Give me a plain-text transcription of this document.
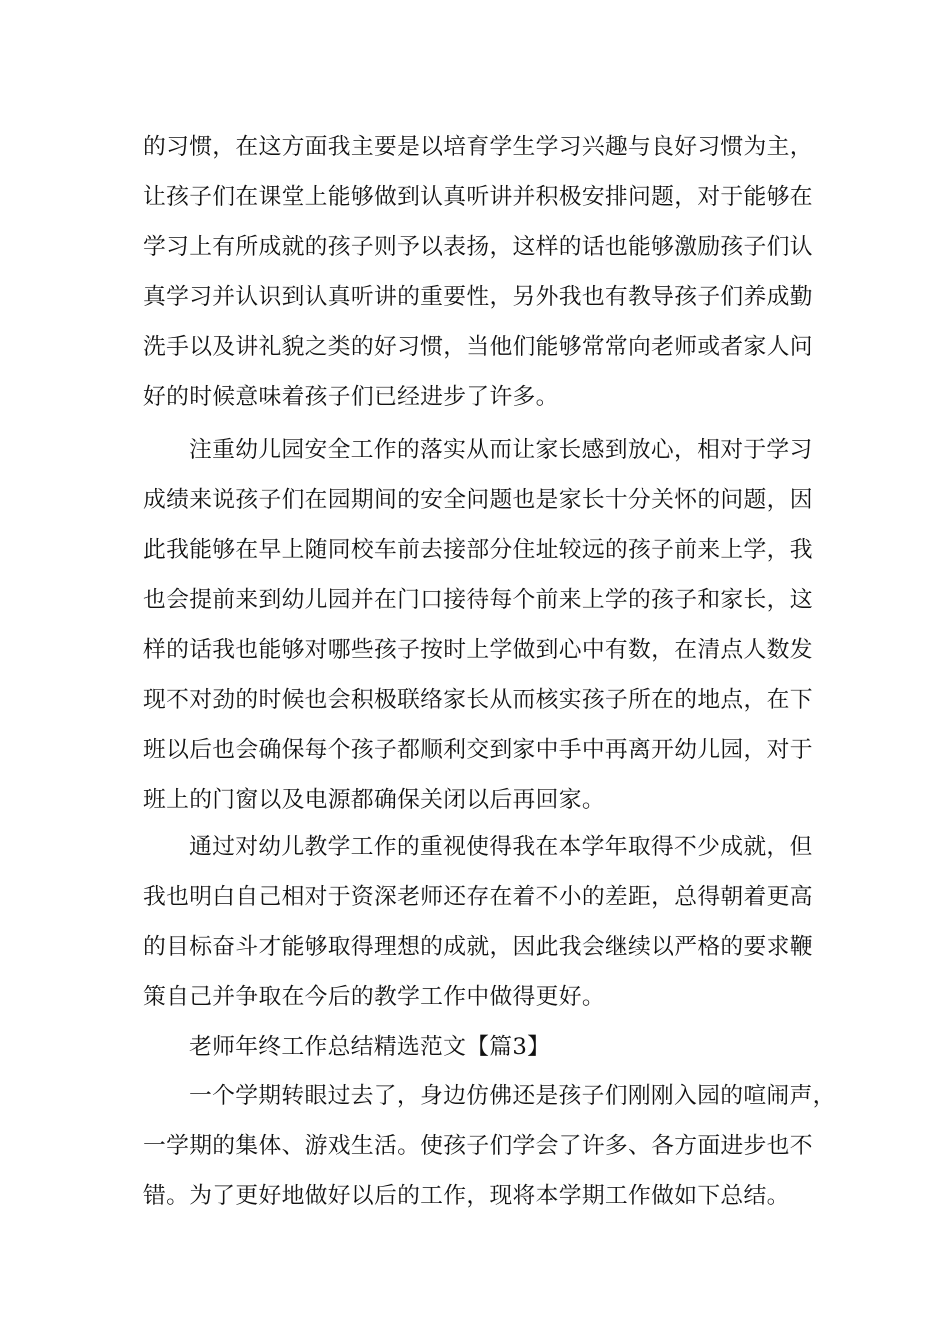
的习惯，在这方面我主要是以培育学生学习兴趣与良好习惯为主，
让孩子们在课堂上能够做到认真听讲并积极安排问题，对于能够在
学习上有所成就的孩子则予以表扬，这样的话也能够激励孩子们认
真学习并认识到认真听讲的重要性，另外我也有教导孩子们养成勤
洗手以及讲礼貌之类的好习惯，当他们能够常常向老师或者家人问
好的时候意味着孩子们已经进步了许多。
注重幼儿园安全工作的落实从而让家长感到放心，相对于学习
成绩来说孩子们在园期间的安全问题也是家长十分关怀的问题，因
此我能够在早上随同校车前去接部分住址较远的孩子前来上学，我
也会提前来到幼儿园并在门口接待每个前来上学的孩子和家长，这
样的话我也能够对哪些孩子按时上学做到心中有数，在清点人数发
现不对劲的时候也会积极联络家长从而核实孩子所在的地点，在下
班以后也会确保每个孩子都顺利交到家中手中再离开幼儿园，对于
班上的门窗以及电源都确保关闭以后再回家。
通过对幼儿教学工作的重视使得我在本学年取得不少成就，但
我也明白自己相对于资深老师还存在着不小的差距，总得朝着更高
的目标奋斗才能够取得理想的成就，因此我会继续以严格的要求鞭
策自己并争取在今后的教学工作中做得更好。
老师年终工作总结精选范文【篇3】
一个学期转眼过去了，身边仿佛还是孩子们刚刚入园的喧闹声，
一学期的集体、游戏生活。使孩子们学会了许多、各方面进步也不
错。为了更好地做好以后的工作，现将本学期工作做如下总结。
